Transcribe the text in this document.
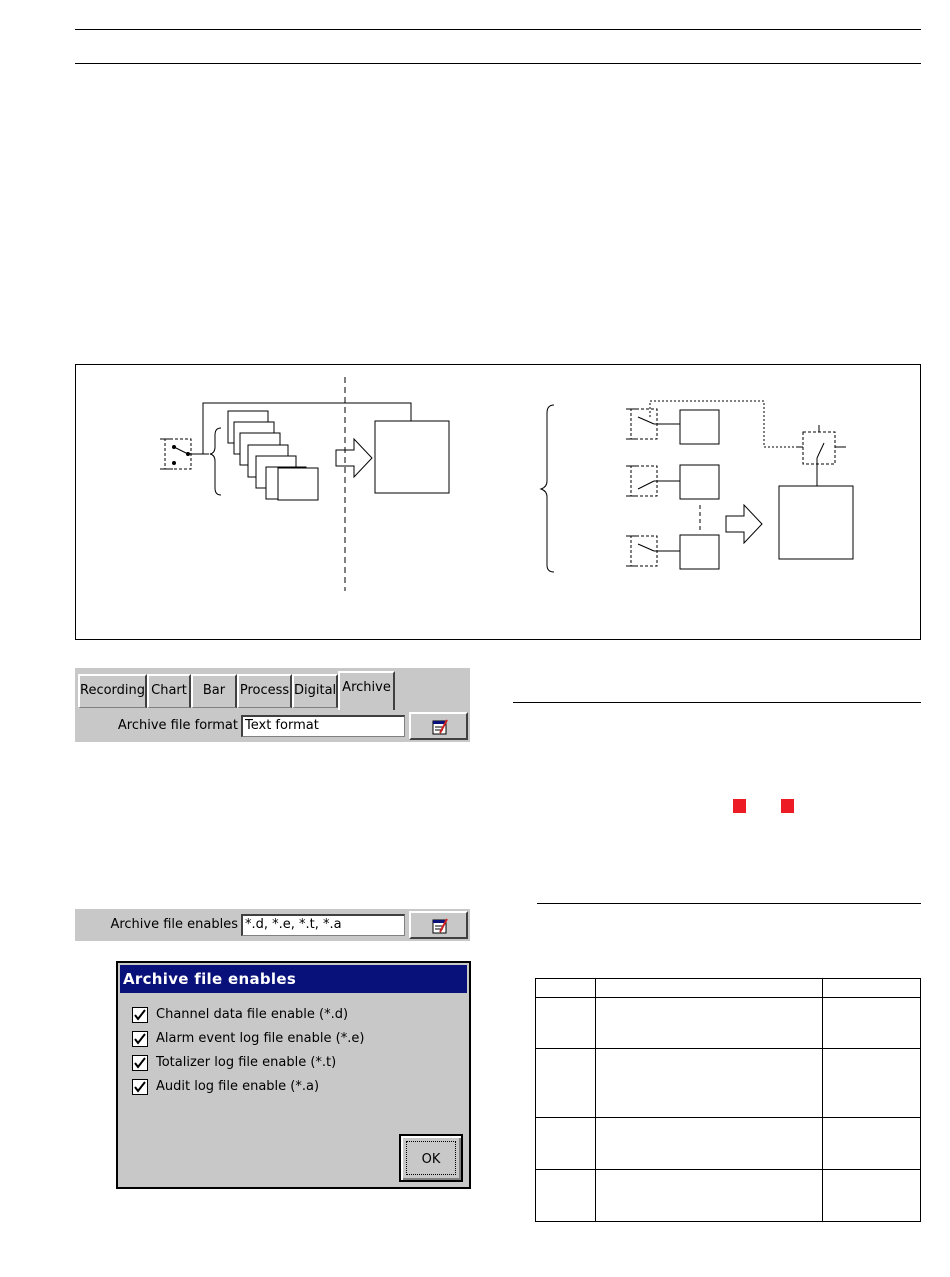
Recording Chart	Bar	Process Digital Archive
Archive file format Text format
Archive file enables *.d, *.e, *.t, *.a
Archive file enables
Channel data file enable (*.d)
Alarm event log file enable (*.e)
Totalizer log file enable (*.t)
Audit log file enable (*.a)
OK
